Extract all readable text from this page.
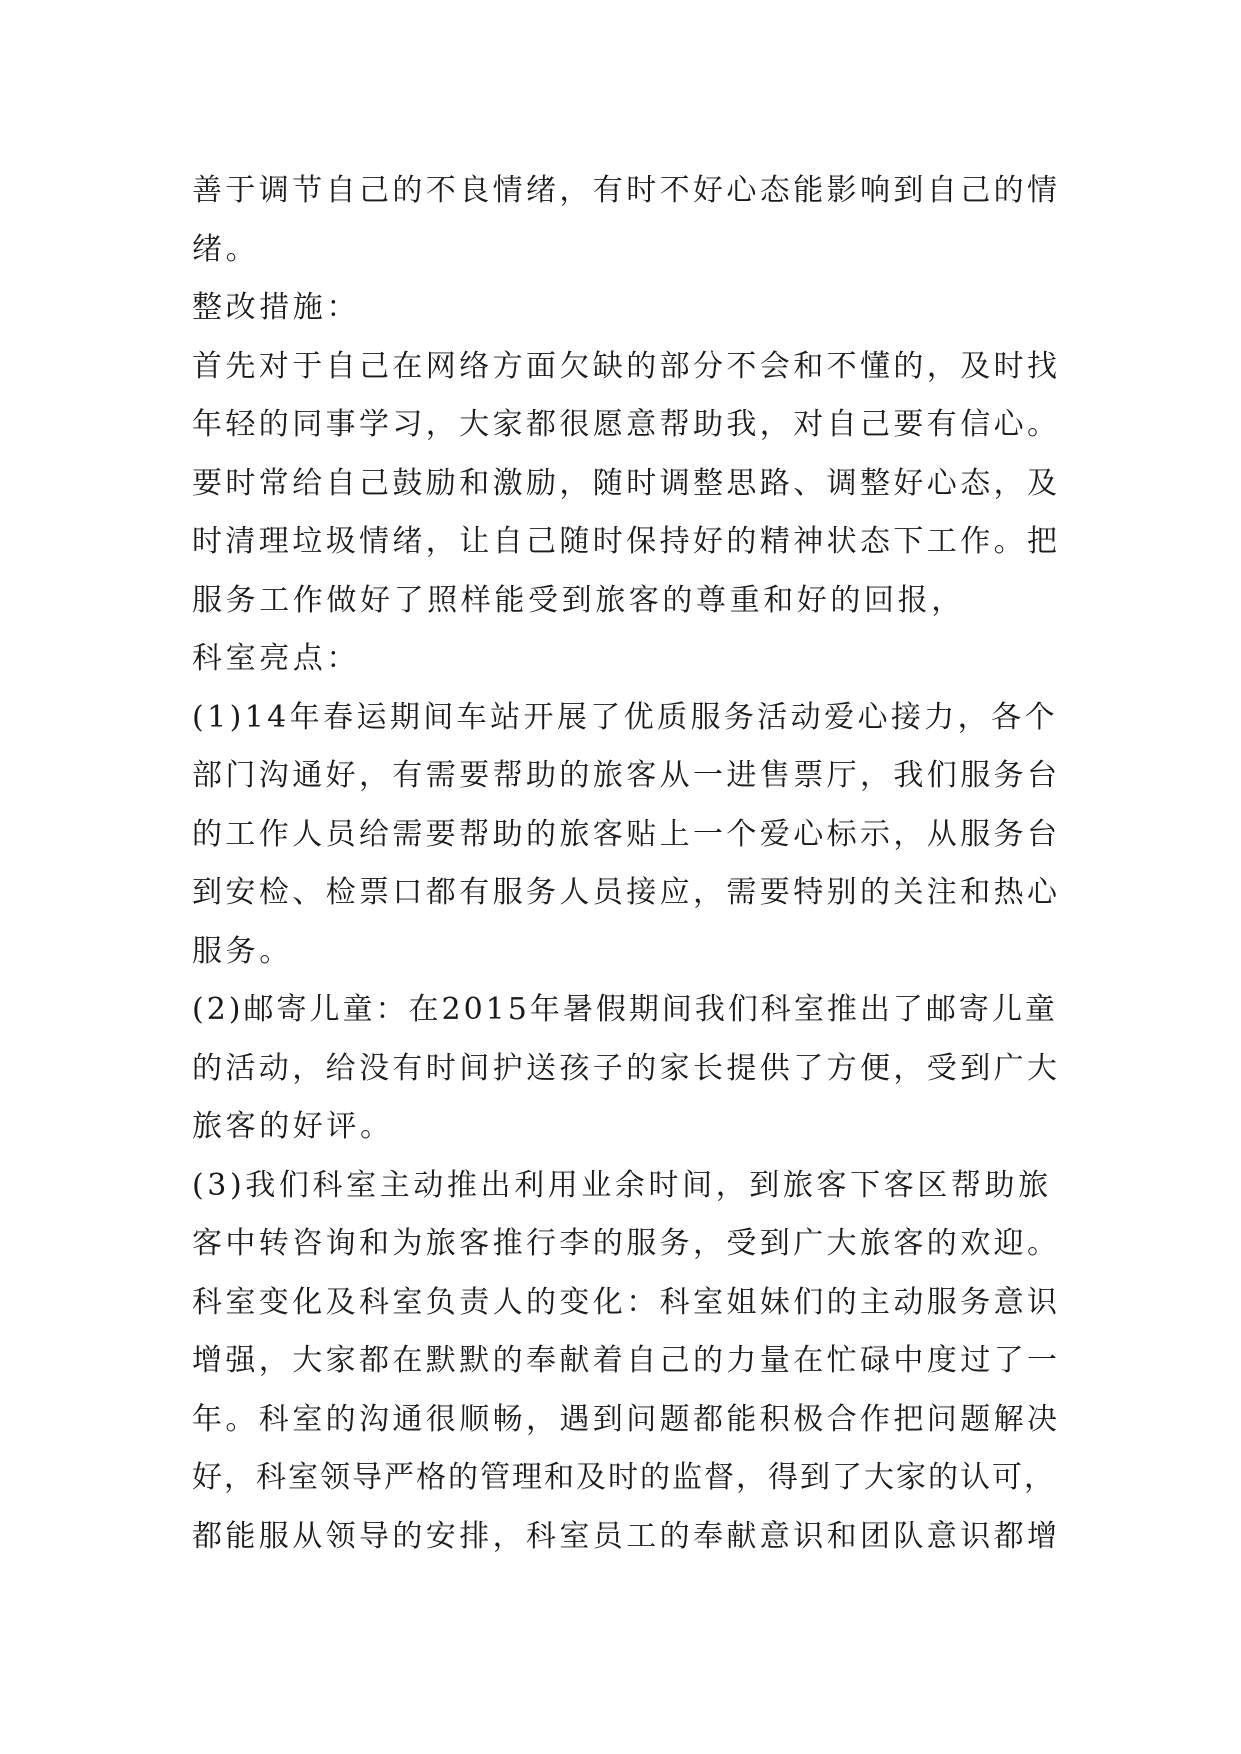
善于调节自己的不良情绪，有时不好心态能影响到自己的情
绪。
整改措施：
首先对于自己在网络方面欠缺的部分不会和不懂的，及时找
年轻的同事学习，大家都很愿意帮助我，对自己要有信心。
要时常给自己鼓励和激励，随时调整思路、调整好心态，及
时清理垃圾情绪，让自己随时保持好的精神状态下工作。把
服务工作做好了照样能受到旅客的尊重和好的回报，
科室亮点：
(1)14年春运期间车站开展了优质服务活动爱心接力，各个
部门沟通好，有需要帮助的旅客从一进售票厅，我们服务台
的工作人员给需要帮助的旅客贴上一个爱心标示，从服务台
到安检、检票口都有服务人员接应，需要特别的关注和热心
服务。
(2)邮寄儿童：在2015年暑假期间我们科室推出了邮寄儿童
的活动，给没有时间护送孩子的家长提供了方便，受到广大
旅客的好评。
(3)我们科室主动推出利用业余时间，到旅客下客区帮助旅
客中转咨询和为旅客推行李的服务，受到广大旅客的欢迎。
科室变化及科室负责人的变化：科室姐妹们的主动服务意识
增强，大家都在默默的奉献着自己的力量在忙碌中度过了一
年。科室的沟通很顺畅，遇到问题都能积极合作把问题解决
好，科室领导严格的管理和及时的监督，得到了大家的认可，
都能服从领导的安排，科室员工的奉献意识和团队意识都增
